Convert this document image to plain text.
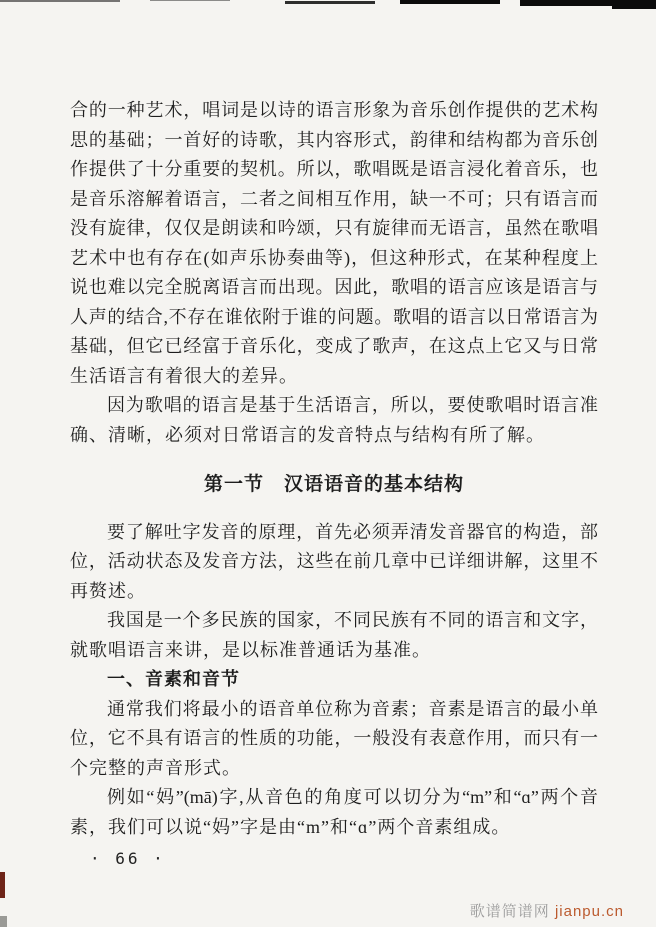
合的一种艺术，唱词是以诗的语言形象为音乐创作提供的艺术构
思的基础；一首好的诗歌，其内容形式，韵律和结构都为音乐创
作提供了十分重要的契机。所以，歌唱既是语言浸化着音乐，也
是音乐溶解着语言，二者之间相互作用，缺一不可；只有语言而
没有旋律，仅仅是朗读和吟颂，只有旋律而无语言，虽然在歌唱
艺术中也有存在(如声乐协奏曲等)，但这种形式，在某种程度上
说也难以完全脱离语言而出现。因此，歌唱的语言应该是语言与
人声的结合,不存在谁依附于谁的问题。歌唱的语言以日常语言为
基础，但它已经富于音乐化，变成了歌声，在这点上它又与日常
生活语言有着很大的差异。
因为歌唱的语言是基于生活语言，所以，要使歌唱时语言准
确、清晰，必须对日常语言的发音特点与结构有所了解。
第一节　汉语语音的基本结构
要了解吐字发音的原理，首先必须弄清发音器官的构造，部
位，活动状态及发音方法，这些在前几章中已详细讲解，这里不
再赘述。
我国是一个多民族的国家，不同民族有不同的语言和文字，
就歌唱语言来讲，是以标准普通话为基准。
一、音素和音节
通常我们将最小的语音单位称为音素；音素是语言的最小单
位，它不具有语言的性质的功能，一般没有表意作用，而只有一
个完整的声音形式。
例如“妈”(mā)字,从音色的角度可以切分为“m”和“ɑ”两个音
素，我们可以说“妈”字是由“m”和“ɑ”两个音素组成。
· 66 ·
歌谱简谱网 jianpu.cn
